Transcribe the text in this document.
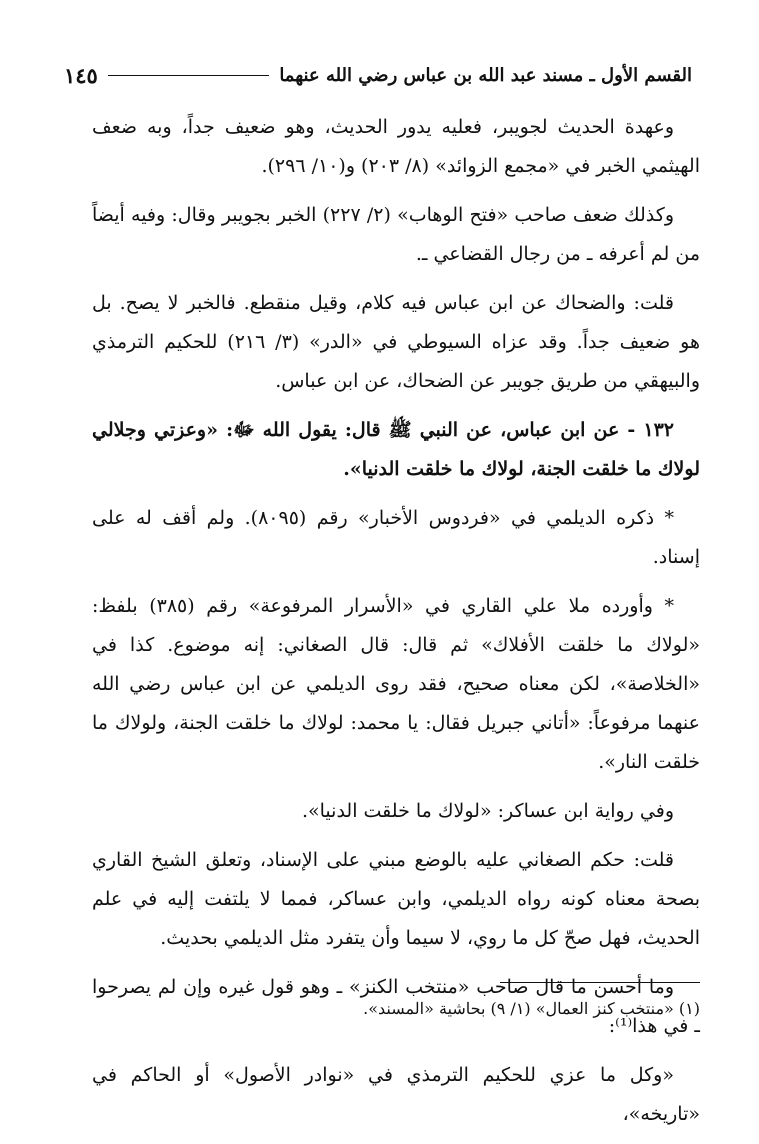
القسم الأول ـ مسند عبد الله بن عباس رضي الله عنهما
١٤٥

وعهدة الحديث لجويبر، فعليه يدور الحديث، وهو ضعيف جداً، وبه ضعف الهيثمي الخبر في «مجمع الزوائد» (٨/ ٢٠٣) و(١٠/ ٢٩٦).

وكذلك ضعف صاحب «فتح الوهاب» (٢/ ٢٢٧) الخبر بجويبر وقال: وفيه أيضاً من لم أعرفه ـ من رجال القضاعي ـ.

قلت: والضحاك عن ابن عباس فيه كلام، وقيل منقطع. فالخبر لا يصح. بل هو ضعيف جداً. وقد عزاه السيوطي في «الدر» (٣/ ٢١٦) للحكيم الترمذي والبيهقي من طريق جويبر عن الضحاك، عن ابن عباس.

١٣٢ - عن ابن عباس، عن النبي ﷺ قال: يقول الله ﷻ: «وعزتي وجلالي لولاك ما خلقت الجنة، لولاك ما خلقت الدنيا».

* ذكره الديلمي في «فردوس الأخبار» رقم (٨٠٩٥). ولم أقف له على إسناد.

* وأورده ملا علي القاري في «الأسرار المرفوعة» رقم (٣٨٥) بلفظ: «لولاك ما خلقت الأفلاك» ثم قال: قال الصغاني: إنه موضوع. كذا في «الخلاصة»، لكن معناه صحيح، فقد روى الديلمي عن ابن عباس رضي الله عنهما مرفوعاً: «أتاني جبريل فقال: يا محمد: لولاك ما خلقت الجنة، ولولاك ما خلقت النار».

وفي رواية ابن عساكر: «لولاك ما خلقت الدنيا».

قلت: حكم الصغاني عليه بالوضع مبني على الإسناد، وتعلق الشيخ القاري بصحة معناه كونه رواه الديلمي، وابن عساكر، فمما لا يلتفت إليه في علم الحديث، فهل صحّ كل ما روي، لا سيما وأن يتفرد مثل الديلمي بحديث.

وما أحسن ما قال صاحب «منتخب الكنز» ـ وهو قول غيره وإن لم يصرحوا ـ في هذا⁽¹⁾:

«وكل ما عزي للحكيم الترمذي في «نوادر الأصول» أو الحاكم في «تاريخه»،

(١) «منتخب كنز العمال» (١/ ٩) بحاشية «المسند».
